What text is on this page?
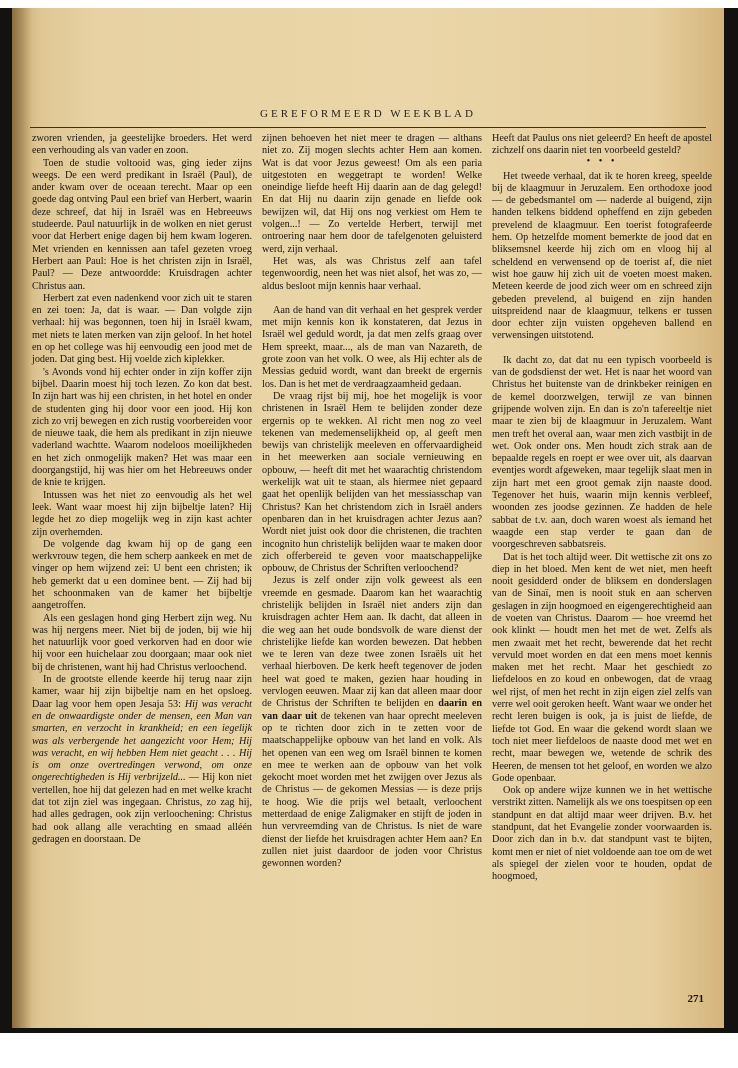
GEREFORMEERD WEEKBLAD

zworen vrienden, ja geestelijke broeders. Het werd een verhouding als van vader en zoon.

Toen de studie voltooid was, ging ieder zijns weegs. De een werd predikant in Israël (Paul), de ander kwam over de oceaan terecht. Maar op een goede dag ontving Paul een brief van Herbert, waarin deze schreef, dat hij in Israël was en Hebreeuws studeerde. Paul natuurlijk in de wolken en niet gerust voor dat Herbert enige dagen bij hem kwam logeren. Met vrienden en kennissen aan tafel gezeten vroeg Herbert aan Paul: Hoe is het christen zijn in Israël, Paul? — Deze antwoordde: Kruisdragen achter Christus aan.

Herbert zat even nadenkend voor zich uit te staren en zei toen: Ja, dat is waar. — Dan volgde zijn verhaal: hij was begonnen, toen hij in Israël kwam, met niets te laten merken van zijn geloof. In het hotel en op het college was hij eenvoudig een jood met de joden. Dat ging best. Hij voelde zich kiplekker.

's Avonds vond hij echter onder in zijn koffer zijn bijbel. Daarin moest hij toch lezen. Zo kon dat best. In zijn hart was hij een christen, in het hotel en onder de studenten ging hij door voor een jood. Hij kon zich zo vrij bewegen en zich rustig voorbereiden voor de nieuwe taak, die hem als predikant in zijn nieuwe vaderland wachtte. Waarom nodeloos moeilijkheden en het zich onmogelijk maken? Het was maar een doorgangstijd, hij was hier om het Hebreeuws onder de knie te krijgen.

Intussen was het niet zo eenvoudig als het wel leek. Want waar moest hij zijn bijbeltje laten? Hij legde het zo diep mogelijk weg in zijn kast achter zijn overhemden.

De volgende dag kwam hij op de gang een werkvrouw tegen, die hem scherp aankeek en met de vinger op hem wijzend zei: U bent een christen; ik heb gemerkt dat u een dominee bent. — Zij had bij het schoonmaken van de kamer het bijbeltje aangetroffen.

Als een geslagen hond ging Herbert zijn weg. Nu was hij nergens meer. Niet bij de joden, bij wie hij het natuurlijk voor goed verkorven had en door wie hij voor een huichelaar zou doorgaan; maar ook niet bij de christenen, want hij had Christus verloochend.

In de grootste ellende keerde hij terug naar zijn kamer, waar hij zijn bijbeltje nam en het opsloeg. Daar lag voor hem open Jesaja 53: Hij was veracht en de onwaardigste onder de mensen, een Man van smarten, en verzocht in krankheid; en een iegelijk was als verbergende het aangezicht voor Hem; Hij was veracht, en wij hebben Hem niet geacht . . . Hij is om onze overtredingen verwond, om onze ongerechtigheden is Hij verbrijzeld... — Hij kon niet vertellen, hoe hij dat gelezen had en met welke kracht dat tot zijn ziel was ingegaan. Christus, zo zag hij, had alles gedragen, ook zijn verloochening: Christus had ook allang alle verachting en smaad alléén gedragen en doorstaan. De

zijnen behoeven het niet meer te dragen — althans niet zo. Zij mogen slechts achter Hem aan komen. Wat is dat voor Jezus geweest! Om als een paria uitgestoten en weggetrapt te worden! Welke oneindige liefde heeft Hij daarin aan de dag gelegd! En dat Hij nu daarin zijn genade en liefde ook bewijzen wil, dat Hij ons nog verkiest om Hem te volgen...! — Zo vertelde Herbert, terwijl met ontroering naar hem door de tafelgenoten geluisterd werd, zijn verhaal.

Het was, als was Christus zelf aan tafel tegenwoordig, neen het was niet alsof, het was zo, — aldus besloot mijn kennis haar verhaal.

Aan de hand van dit verhaal en het gesprek verder met mijn kennis kon ik konstateren, dat Jezus in Israël wel geduld wordt, ja dat men zelfs graag over Hem spreekt, maar..., als de man van Nazareth, de grote zoon van het volk. O wee, als Hij echter als de Messias geduid wordt, want dan breekt de ergernis los. Dan is het met de verdraagzaamheid gedaan.

De vraag rijst bij mij, hoe het mogelijk is voor christenen in Israël Hem te belijden zonder deze ergernis op te wekken. Al richt men nog zo veel tekenen van medemenselijkheid op, al geeft men bewijs van christelijk meeleven en offervaardigheid in het meewerken aan sociale vernieuwing en opbouw, — heeft dit met het waarachtig christendom werkelijk wat uit te staan, als hiermee niet gepaard gaat het openlijk belijden van het messiasschap van Christus? Kan het christendom zich in Israël anders openbaren dan in het kruisdragen achter Jezus aan? Wordt niet juist ook door die christenen, die trachten incognito hun christelijk belijden waar te maken door zich offerbereid te geven voor maatschappelijke opbouw, de Christus der Schriften verloochend?

Jezus is zelf onder zijn volk geweest als een vreemde en gesmade. Daarom kan het waarachtig christelijk belijden in Israël niet anders zijn dan kruisdragen achter Hem aan. Ik dacht, dat alleen in die weg aan het oude bondsvolk de ware dienst der christelijke liefde kan worden bewezen. Dat hebben we te leren van deze twee zonen Israëls uit het verhaal hierboven. De kerk heeft tegenover de joden heel wat goed te maken, gezien haar houding in vervlogen eeuwen. Maar zij kan dat alleen maar door de Christus der Schriften te belijden en daarin en van daar uit de tekenen van haar oprecht meeleven op te richten door zich in te zetten voor de maatschappelijke opbouw van het land en volk. Als het openen van een weg om Israël binnen te komen en mee te werken aan de opbouw van het volk gekocht moet worden met het zwijgen over Jezus als de Christus — de gekomen Messias — is deze prijs te hoog. Wie die prijs wel betaalt, verloochent metterdaad de enige Zaligmaker en stijft de joden in hun vervreemding van de Christus. Is niet de ware dienst der liefde het kruisdragen achter Hem aan? En zullen niet juist daardoor de joden voor Christus gewonnen worden?

Heeft dat Paulus ons niet geleerd? En heeft de apostel zichzelf ons daarin niet ten voorbeeld gesteld?

• • •

Het tweede verhaal, dat ik te horen kreeg, speelde bij de klaagmuur in Jeruzalem. Een orthodoxe jood — de gebedsmantel om — naderde al buigend, zijn handen telkens biddend opheffend en zijn gebeden prevelend de klaagmuur. Een toerist fotografeerde hem. Op hetzelfde moment bemerkte de jood dat en bliksemsnel keerde hij zich om en vloog hij al scheldend en verwensend op de toerist af, die niet wist hoe gauw hij zich uit de voeten moest maken. Meteen keerde de jood zich weer om en schreed zijn gebeden prevelend, al buigend en zijn handen uitspreidend naar de klaagmuur, telkens er tussen door echter zijn vuisten opgeheven ballend en verwensingen uitstotend.

Ik dacht zo, dat dat nu een typisch voorbeeld is van de godsdienst der wet. Het is naar het woord van Christus het buitenste van de drinkbeker reinigen en de kemel doorzwelgen, terwijl ze van binnen grijpende wolven zijn. En dan is zo'n tafereeltje niet maar te zien bij de klaagmuur in Jeruzalem. Want men treft het overal aan, waar men zich vastbijt in de wet. Ook onder ons. Men houdt zich strak aan de bepaalde regels en roept er wee over uit, als daarvan eventjes wordt afgeweken, maar tegelijk slaat men in zijn hart met een groot gemak zijn naaste dood. Tegenover het huis, waarin mijn kennis verbleef, woonden zes joodse gezinnen. Ze hadden de hele sabbat de t.v. aan, doch waren woest als iemand het waagde een stap verder te gaan dan de voorgeschreven sabbatsreis.

Dat is het toch altijd weer. Dit wettische zit ons zo diep in het bloed. Men kent de wet niet, men heeft nooit gesidderd onder de bliksem en donderslagen van de Sinaï, men is nooit stuk en aan scherven geslagen in zijn hoogmoed en eigengerechtigheid aan de voeten van Christus. Daarom — hoe vreemd het ook klinkt — houdt men het met de wet. Zelfs als men zwaait met het recht, bewerende dat het recht vervuld moet worden en dat een mens moet kennis maken met het recht. Maar het geschiedt zo liefdeloos en zo koud en onbewogen, dat de vraag wel rijst, of men het recht in zijn eigen ziel zelfs van verre wel ooit geroken heeft. Want waar we onder het recht leren buigen is ook, ja is juist de liefde, de liefde tot God. En waar die gekend wordt slaan we toch niet meer liefdeloos de naaste dood met wet en recht, maar bewegen we, wetende de schrik des Heeren, de mensen tot het geloof, en worden we alzo Gode openbaar.

Ook op andere wijze kunnen we in het wettische verstrikt zitten. Namelijk als we ons toespitsen op een standpunt en dat altijd maar weer drijven. B.v. het standpunt, dat het Evangelie zonder voorwaarden is. Door zich dan in b.v. dat standpunt vast te bijten, komt men er niet of niet voldoende aan toe om de wet als spiegel der zielen voor te houden, opdat de hoogmoed,

271
